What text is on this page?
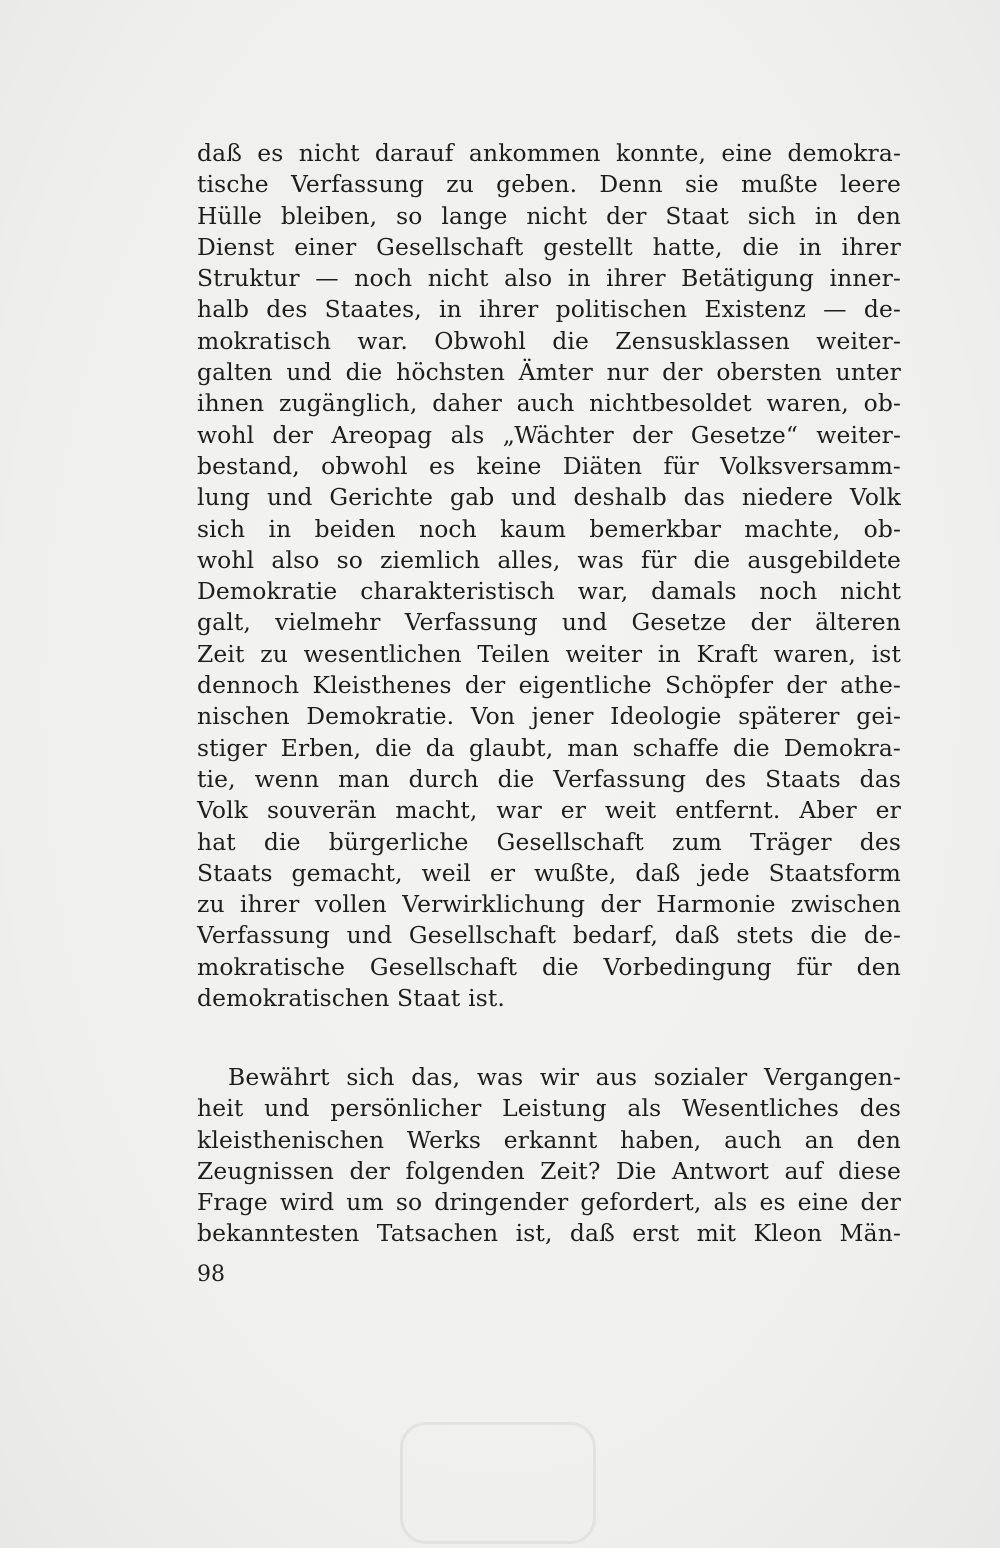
daß es nicht darauf ankommen konnte, eine demokra-
tische Verfassung zu geben. Denn sie mußte leere
Hülle bleiben, so lange nicht der Staat sich in den
Dienst einer Gesellschaft gestellt hatte, die in ihrer
Struktur — noch nicht also in ihrer Betätigung inner-
halb des Staates, in ihrer politischen Existenz — de-
mokratisch war. Obwohl die Zensusklassen weiter-
galten und die höchsten Ämter nur der obersten unter
ihnen zugänglich, daher auch nichtbesoldet waren, ob-
wohl der Areopag als „Wächter der Gesetze“ weiter-
bestand, obwohl es keine Diäten für Volksversamm-
lung und Gerichte gab und deshalb das niedere Volk
sich in beiden noch kaum bemerkbar machte, ob-
wohl also so ziemlich alles, was für die ausgebildete
Demokratie charakteristisch war, damals noch nicht
galt, vielmehr Verfassung und Gesetze der älteren
Zeit zu wesentlichen Teilen weiter in Kraft waren, ist
dennoch Kleisthenes der eigentliche Schöpfer der athe-
nischen Demokratie. Von jener Ideologie späterer gei-
stiger Erben, die da glaubt, man schaffe die Demokra-
tie, wenn man durch die Verfassung des Staats das
Volk souverän macht, war er weit entfernt. Aber er
hat die bürgerliche Gesellschaft zum Träger des
Staats gemacht, weil er wußte, daß jede Staatsform
zu ihrer vollen Verwirklichung der Harmonie zwischen
Verfassung und Gesellschaft bedarf, daß stets die de-
mokratische Gesellschaft die Vorbedingung für den
demokratischen Staat ist.
Bewährt sich das, was wir aus sozialer Vergangen-
heit und persönlicher Leistung als Wesentliches des
kleisthenischen Werks erkannt haben, auch an den
Zeugnissen der folgenden Zeit? Die Antwort auf diese
Frage wird um so dringender gefordert, als es eine der
bekanntesten Tatsachen ist, daß erst mit Kleon Män-
98
